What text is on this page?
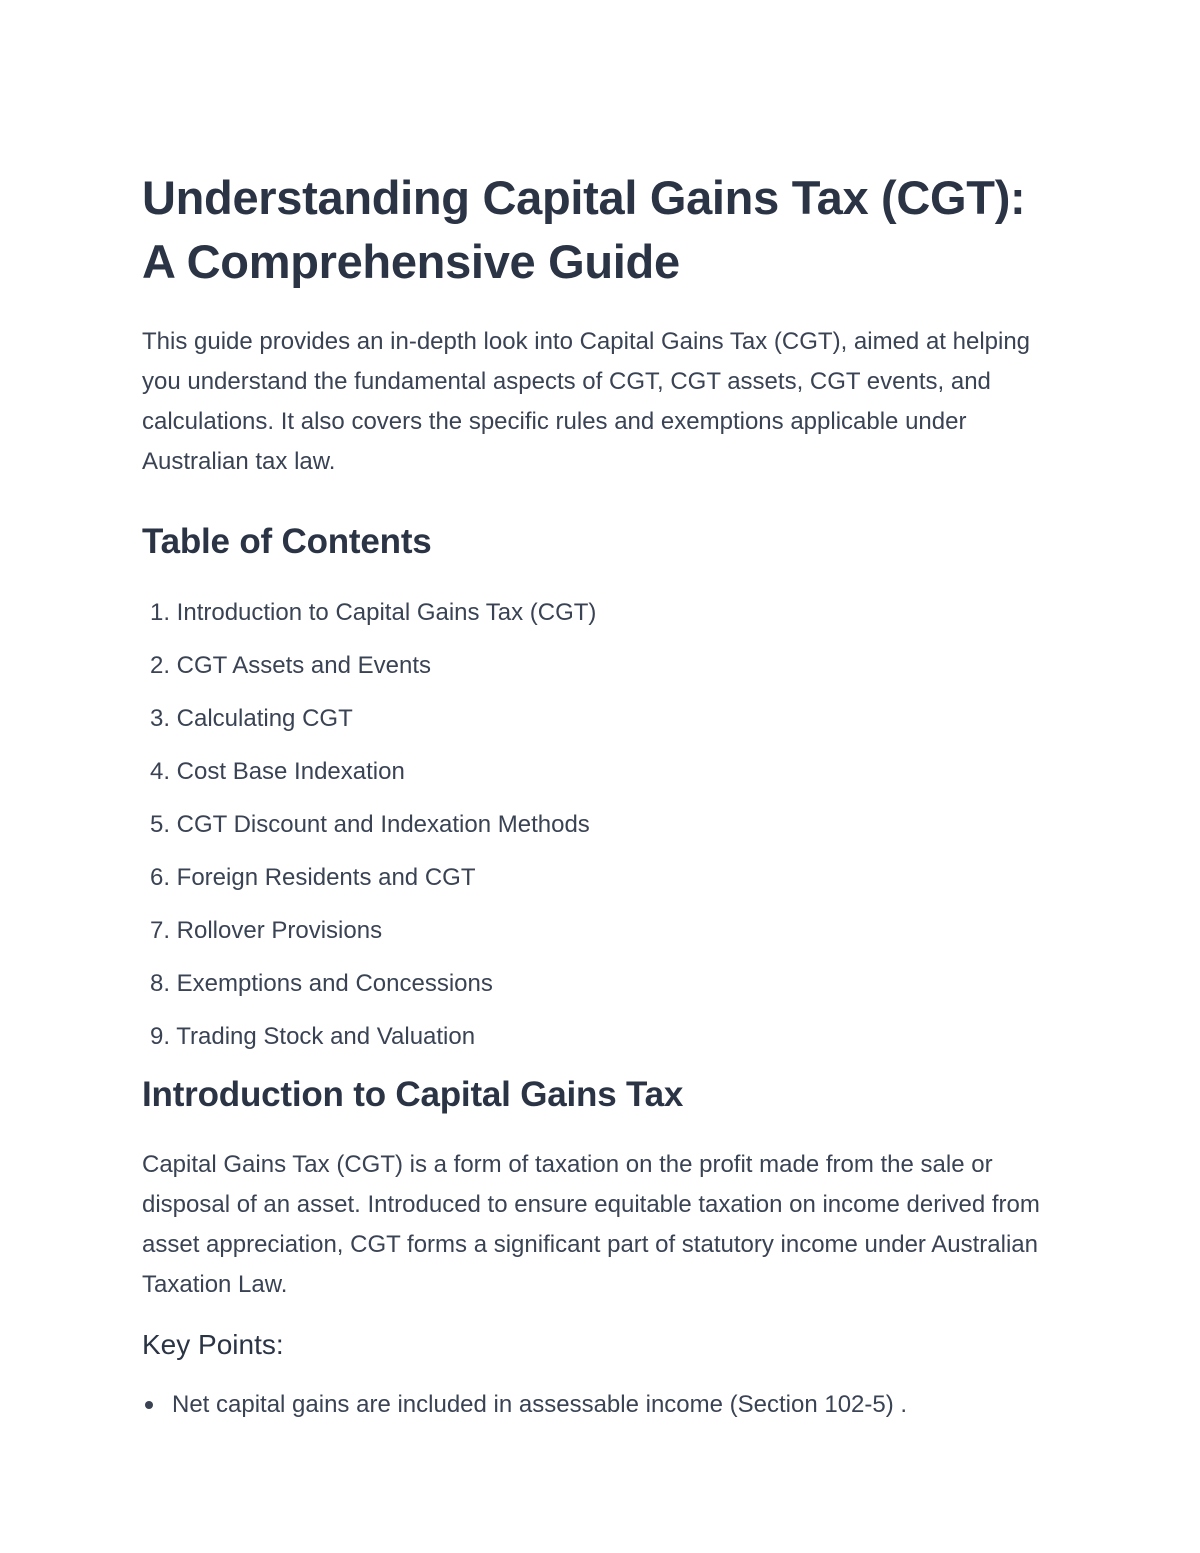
Understanding Capital Gains Tax (CGT):
A Comprehensive Guide

This guide provides an in-depth look into Capital Gains Tax (CGT), aimed at helping you understand the fundamental aspects of CGT, CGT assets, CGT events, and calculations. It also covers the specific rules and exemptions applicable under Australian tax law.

Table of Contents
1. Introduction to Capital Gains Tax (CGT)
2. CGT Assets and Events
3. Calculating CGT
4. Cost Base Indexation
5. CGT Discount and Indexation Methods
6. Foreign Residents and CGT
7. Rollover Provisions
8. Exemptions and Concessions
9. Trading Stock and Valuation
Introduction to Capital Gains Tax

Capital Gains Tax (CGT) is a form of taxation on the profit made from the sale or disposal of an asset. Introduced to ensure equitable taxation on income derived from asset appreciation, CGT forms a significant part of statutory income under Australian Taxation Law.

Key Points:
Net capital gains are included in assessable income (Section 102-5) .
